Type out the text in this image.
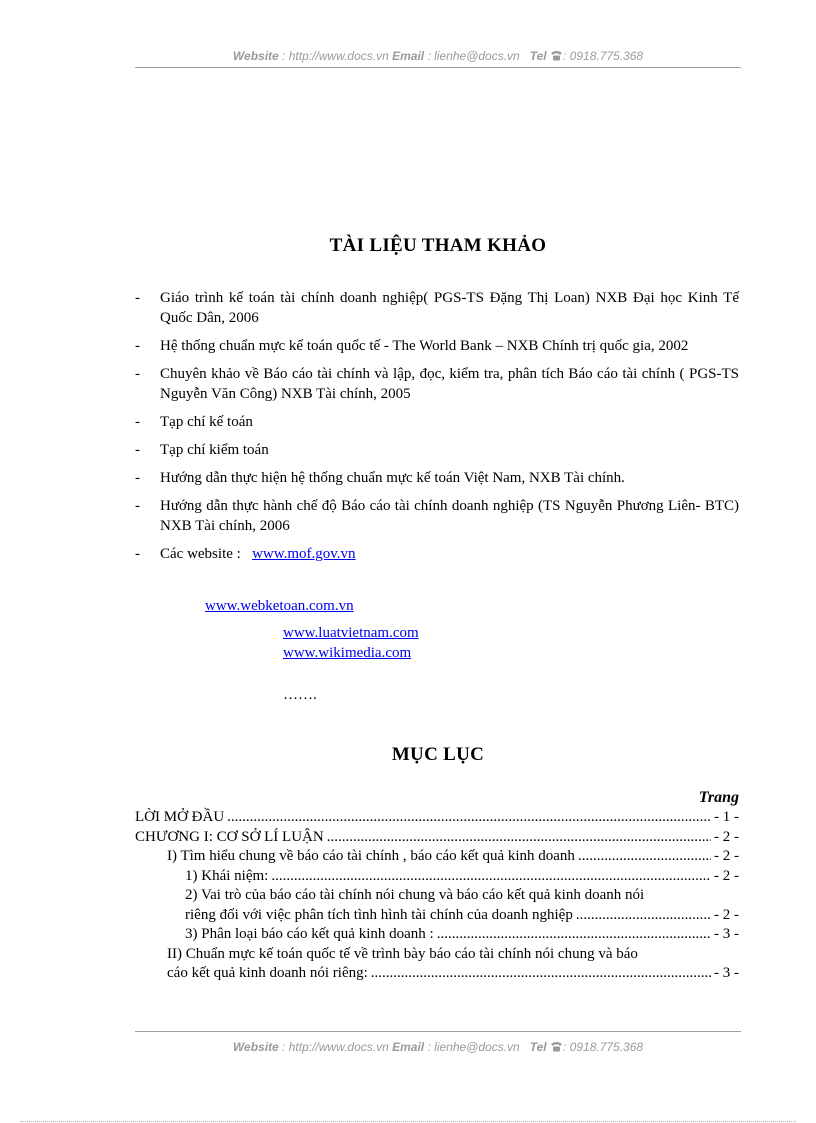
Website : http://www.docs.vn Email : lienhe@docs.vn Tel : 0918.775.368
TÀI LIỆU THAM KHẢO
- Giáo trình kế toán tài chính doanh nghiệp( PGS-TS Đặng Thị Loan) NXB Đại học Kinh Tế Quốc Dân, 2006
- Hệ thống chuẩn mực kế toán quốc tế - The World Bank – NXB Chính trị quốc gia, 2002
- Chuyên khảo về Báo cáo tài chính và lập, đọc, kiểm tra, phân tích Báo cáo tài chính ( PGS-TS Nguyễn Văn Công) NXB Tài chính, 2005
- Tạp chí kế toán
- Tạp chí kiểm toán
- Hướng dẫn thực hiện hệ thống chuẩn mực kế toán Việt Nam, NXB Tài chính.
- Hướng dẫn thực hành chế độ Báo cáo tài chính doanh nghiệp (TS Nguyễn Phương Liên- BTC) NXB Tài chính, 2006
- Các website : www.mof.gov.vn
www.webketoan.com.vn
www.luatvietnam.com
www.wikimedia.com
…….
MỤC LỤC
Trang
LỜI MỞ ĐẦU .....	- 1 -
CHƯƠNG I: CƠ SỞ LÍ LUẬN .....	- 2 -
I) Tìm hiểu chung về báo cáo tài chính , báo cáo kết quả kinh doanh .....	- 2 -
1) Khái niệm: .....	- 2 -
2) Vai trò của báo cáo tài chính nói chung và báo cáo kết quả kinh doanh nói
riêng đối với việc phân tích tình hình tài chính của doanh nghiệp .....	- 2 -
3) Phân loại báo cáo kết quả kinh doanh : .....	- 3 -
II) Chuẩn mực kế toán quốc tế về trình bày báo cáo tài chính nói chung và báo
cáo kết quả kinh doanh nói riêng: .....	- 3 -
Website : http://www.docs.vn Email : lienhe@docs.vn Tel : 0918.775.368
